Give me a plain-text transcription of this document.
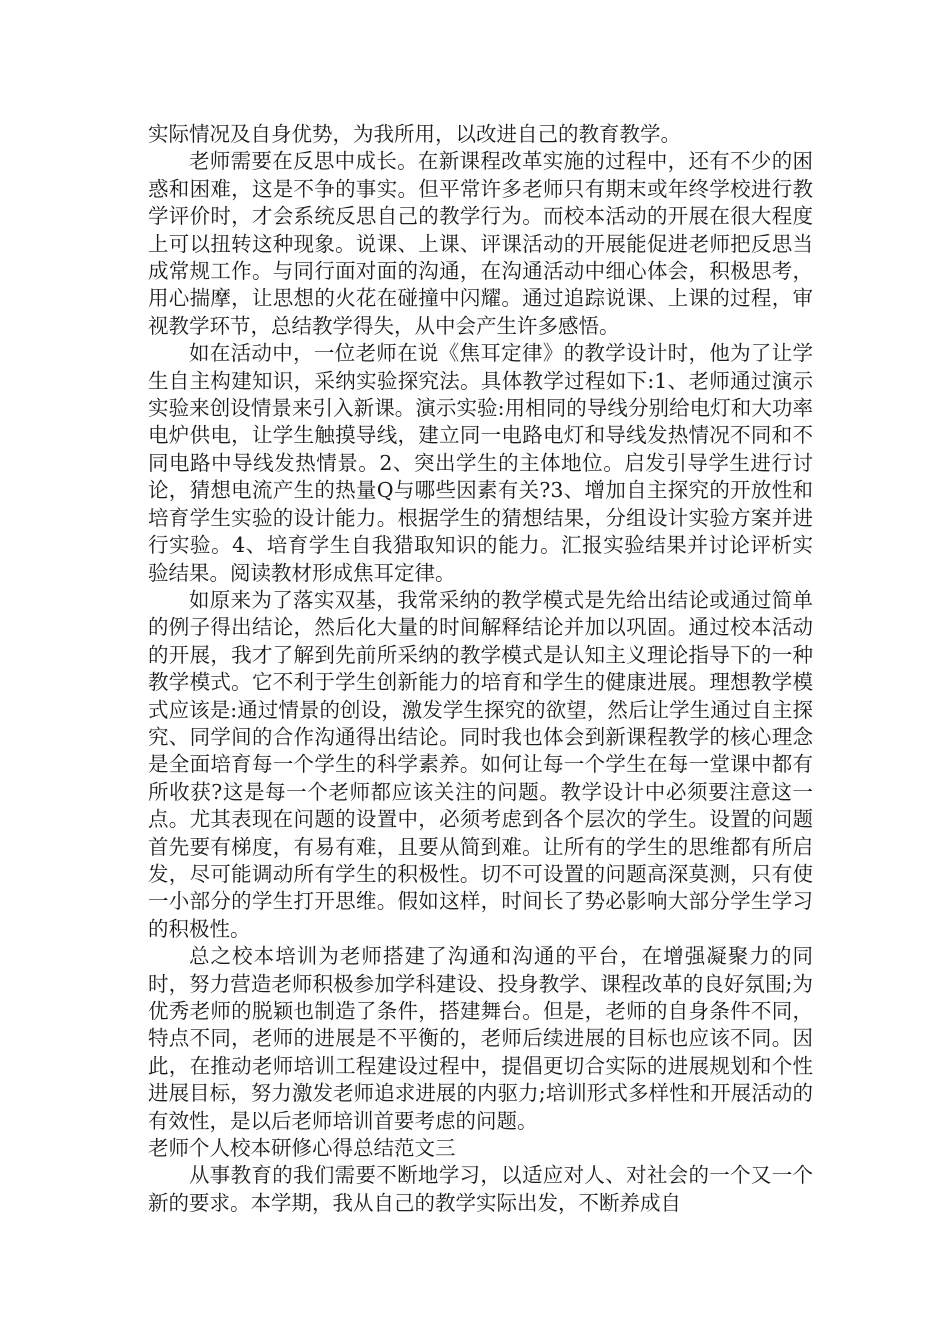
实际情况及自身优势，为我所用，以改进自己的教育教学。

老师需要在反思中成长。在新课程改革实施的过程中，还有不少的困惑和困难，这是不争的事实。但平常许多老师只有期末或年终学校进行教学评价时，才会系统反思自己的教学行为。而校本活动的开展在很大程度上可以扭转这种现象。说课、上课、评课活动的开展能促进老师把反思当成常规工作。与同行面对面的沟通，在沟通活动中细心体会，积极思考，用心揣摩，让思想的火花在碰撞中闪耀。通过追踪说课、上课的过程，审视教学环节，总结教学得失，从中会产生许多感悟。

如在活动中，一位老师在说《焦耳定律》的教学设计时，他为了让学生自主构建知识，采纳实验探究法。具体教学过程如下:1、老师通过演示实验来创设情景来引入新课。演示实验:用相同的导线分别给电灯和大功率电炉供电，让学生触摸导线，建立同一电路电灯和导线发热情况不同和不同电路中导线发热情景。2、突出学生的主体地位。启发引导学生进行讨论，猜想电流产生的热量Q与哪些因素有关?3、增加自主探究的开放性和培育学生实验的设计能力。根据学生的猜想结果，分组设计实验方案并进行实验。4、培育学生自我猎取知识的能力。汇报实验结果并讨论评析实验结果。阅读教材形成焦耳定律。

如原来为了落实双基，我常采纳的教学模式是先给出结论或通过简单的例子得出结论，然后化大量的时间解释结论并加以巩固。通过校本活动的开展，我才了解到先前所采纳的教学模式是认知主义理论指导下的一种教学模式。它不利于学生创新能力的培育和学生的健康进展。理想教学模式应该是:通过情景的创设，激发学生探究的欲望，然后让学生通过自主探究、同学间的合作沟通得出结论。同时我也体会到新课程教学的核心理念是全面培育每一个学生的科学素养。如何让每一个学生在每一堂课中都有所收获?这是每一个老师都应该关注的问题。教学设计中必须要注意这一点。尤其表现在问题的设置中，必须考虑到各个层次的学生。设置的问题首先要有梯度，有易有难，且要从简到难。让所有的学生的思维都有所启发，尽可能调动所有学生的积极性。切不可设置的问题高深莫测，只有使一小部分的学生打开思维。假如这样，时间长了势必影响大部分学生学习的积极性。

总之校本培训为老师搭建了沟通和沟通的平台，在增强凝聚力的同时，努力营造老师积极参加学科建设、投身教学、课程改革的良好氛围;为优秀老师的脱颖也制造了条件，搭建舞台。但是，老师的自身条件不同，特点不同，老师的进展是不平衡的，老师后续进展的目标也应该不同。因此，在推动老师培训工程建设过程中，提倡更切合实际的进展规划和个性进展目标，努力激发老师追求进展的内驱力;培训形式多样性和开展活动的有效性，是以后老师培训首要考虑的问题。

老师个人校本研修心得总结范文三

从事教育的我们需要不断地学习，以适应对人、对社会的一个又一个新的要求。本学期，我从自己的教学实际出发，不断养成自
